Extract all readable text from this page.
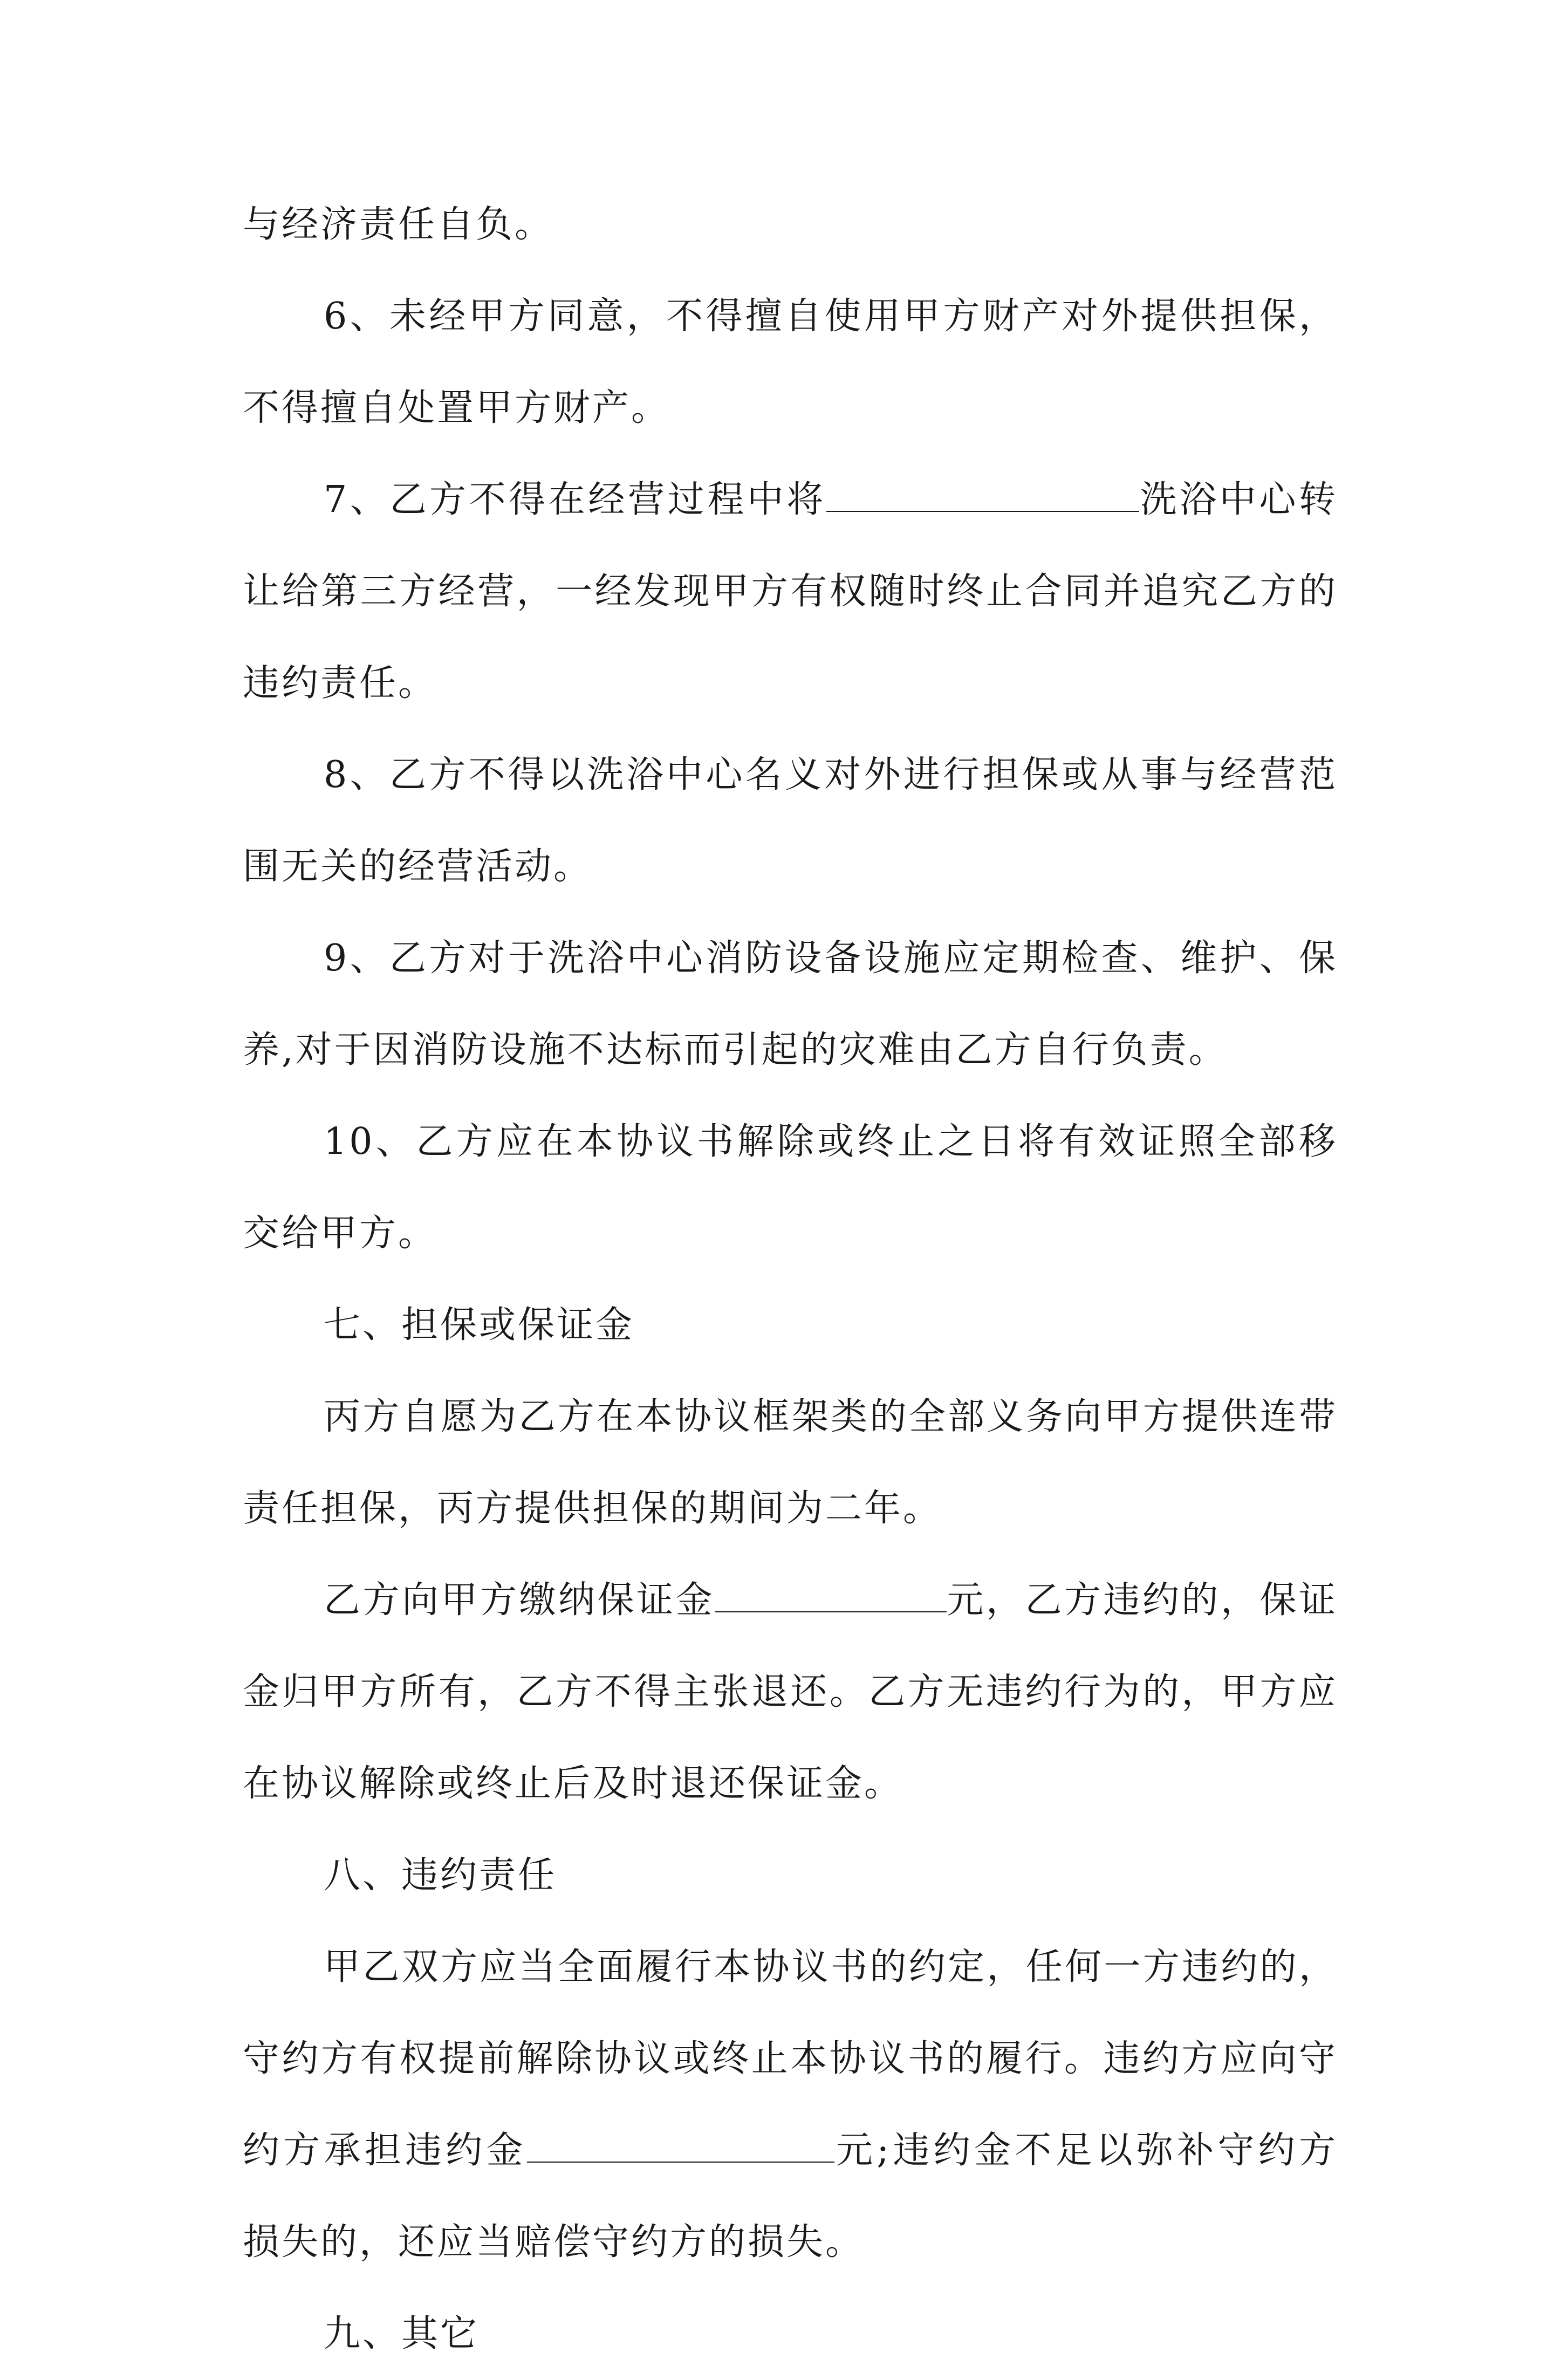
与经济责任自负。

6、未经甲方同意，不得擅自使用甲方财产对外提供担保，不得擅自处置甲方财产。

7、乙方不得在经营过程中将	洗浴中心转让给第三方经营，一经发现甲方有权随时终止合同并追究乙方的违约责任。

8、乙方不得以洗浴中心名义对外进行担保或从事与经营范围无关的经营活动。

9、乙方对于洗浴中心消防设备设施应定期检查、维护、保养,对于因消防设施不达标而引起的灾难由乙方自行负责。

10、乙方应在本协议书解除或终止之日将有效证照全部移交给甲方。

七、担保或保证金

丙方自愿为乙方在本协议框架类的全部义务向甲方提供连带责任担保，丙方提供担保的期间为二年。

乙方向甲方缴纳保证金	元，乙方违约的，保证金归甲方所有，乙方不得主张退还。乙方无违约行为的，甲方应在协议解除或终止后及时退还保证金。

八、违约责任

甲乙双方应当全面履行本协议书的约定，任何一方违约的，守约方有权提前解除协议或终止本协议书的履行。违约方应向守约方承担违约金	元;违约金不足以弥补守约方损失的，还应当赔偿守约方的损失。

九、其它
